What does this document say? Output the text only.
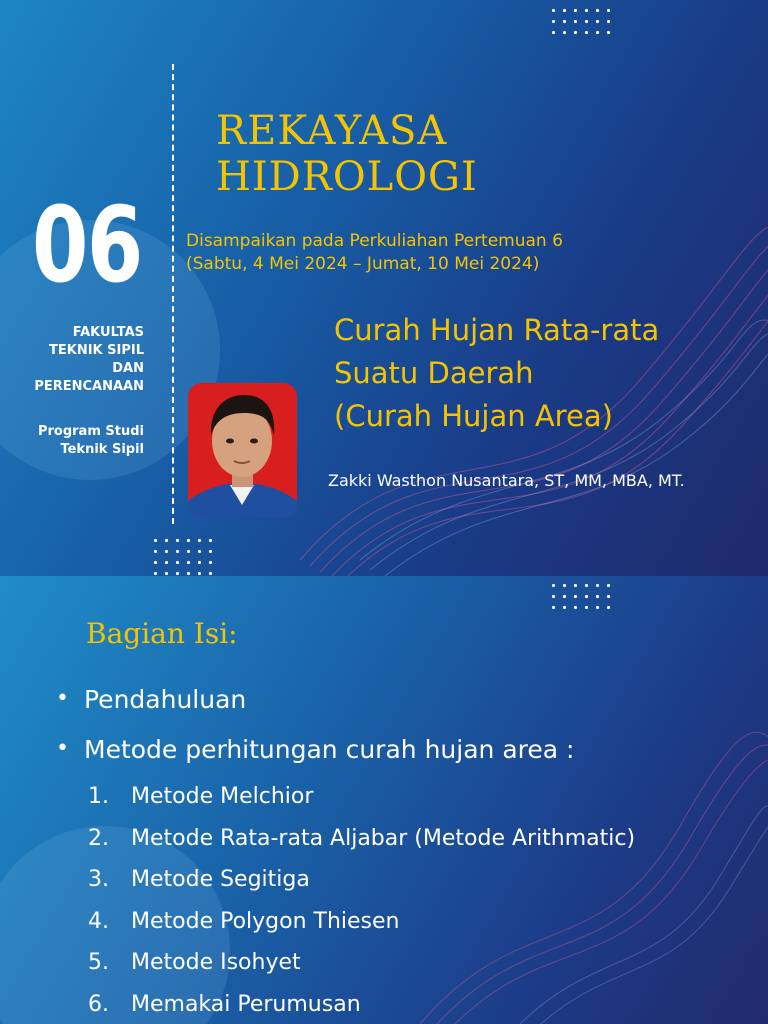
REKAYASA
HIDROLOGI
06	Disampaikan pada Perkuliahan Pertemuan 6
(Sabtu, 4 Mei 2024 – Jumat, 10 Mei 2024)
FAKULTAS
TEKNIK SIPIL
DAN
PERENCANAAN
Program Studi
Teknik Sipil
Curah Hujan Rata-rata
Suatu Daerah
(Curah Hujan Area)
Zakki Wasthon Nusantara, ST, MM, MBA, MT.
Bagian Isi:
• Pendahuluan
• Metode perhitungan curah hujan area :
1. Metode Melchior
2. Metode Rata-rata Aljabar (Metode Arithmatic)
3. Metode Segitiga
4. Metode Polygon Thiesen
5. Metode Isohyet
6. Memakai Perumusan
